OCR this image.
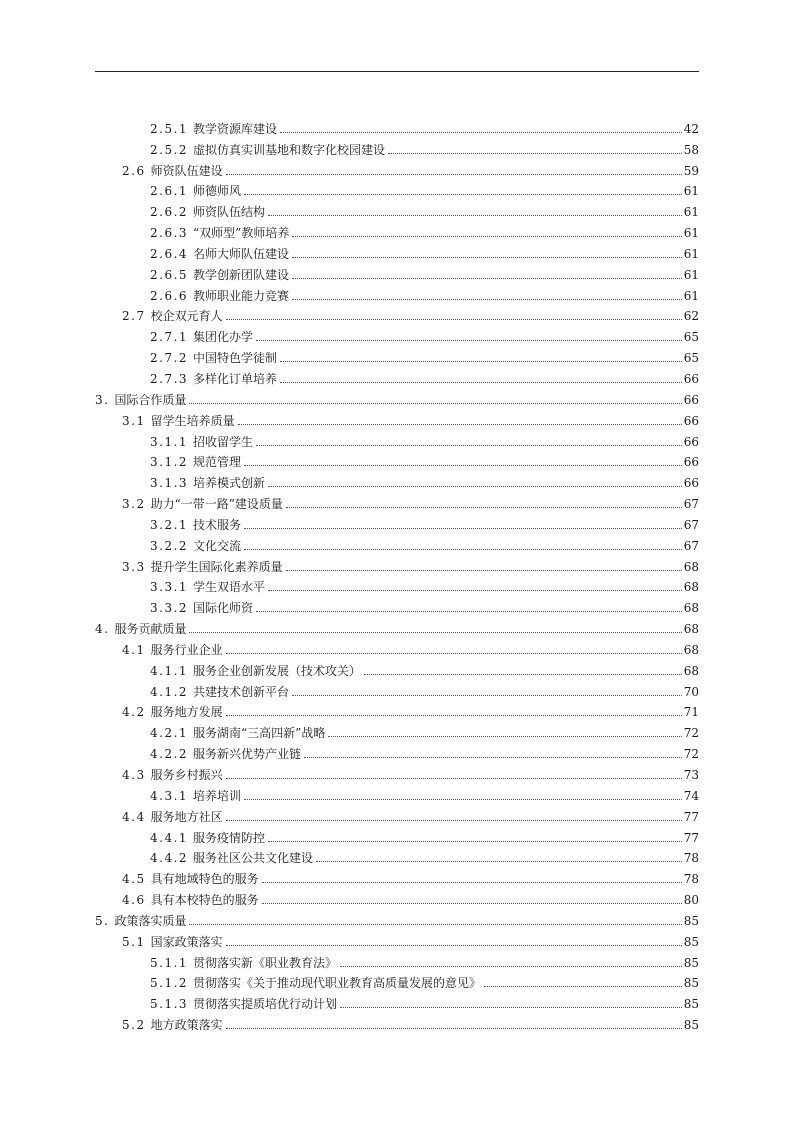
2.5.1 教学资源库建设	42
2.5.2 虚拟仿真实训基地和数字化校园建设	58
2.6 师资队伍建设	59
2.6.1 师德师风	61
2.6.2 师资队伍结构	61
2.6.3 “双师型”教师培养	61
2.6.4 名师大师队伍建设	61
2.6.5 教学创新团队建设	61
2.6.6 教师职业能力竞赛	61
2.7 校企双元育人	62
2.7.1 集团化办学	65
2.7.2 中国特色学徒制	65
2.7.3 多样化订单培养	66
3. 国际合作质量	66
3.1 留学生培养质量	66
3.1.1 招收留学生	66
3.1.2 规范管理	66
3.1.3 培养模式创新	66
3.2 助力“一带一路”建设质量	67
3.2.1 技术服务	67
3.2.2 文化交流	67
3.3 提升学生国际化素养质量	68
3.3.1 学生双语水平	68
3.3.2 国际化师资	68
4. 服务贡献质量	68
4.1 服务行业企业	68
4.1.1 服务企业创新发展（技术攻关）	68
4.1.2 共建技术创新平台	70
4.2 服务地方发展	71
4.2.1 服务湖南“三高四新”战略	72
4.2.2 服务新兴优势产业链	72
4.3 服务乡村振兴	73
4.3.1 培养培训	74
4.4 服务地方社区	77
4.4.1 服务疫情防控	77
4.4.2 服务社区公共文化建设	78
4.5 具有地域特色的服务	78
4.6 具有本校特色的服务	80
5. 政策落实质量	85
5.1 国家政策落实	85
5.1.1 贯彻落实新《职业教育法》	85
5.1.2 贯彻落实《关于推动现代职业教育高质量发展的意见》	85
5.1.3 贯彻落实提质培优行动计划	85
5.2 地方政策落实	85
